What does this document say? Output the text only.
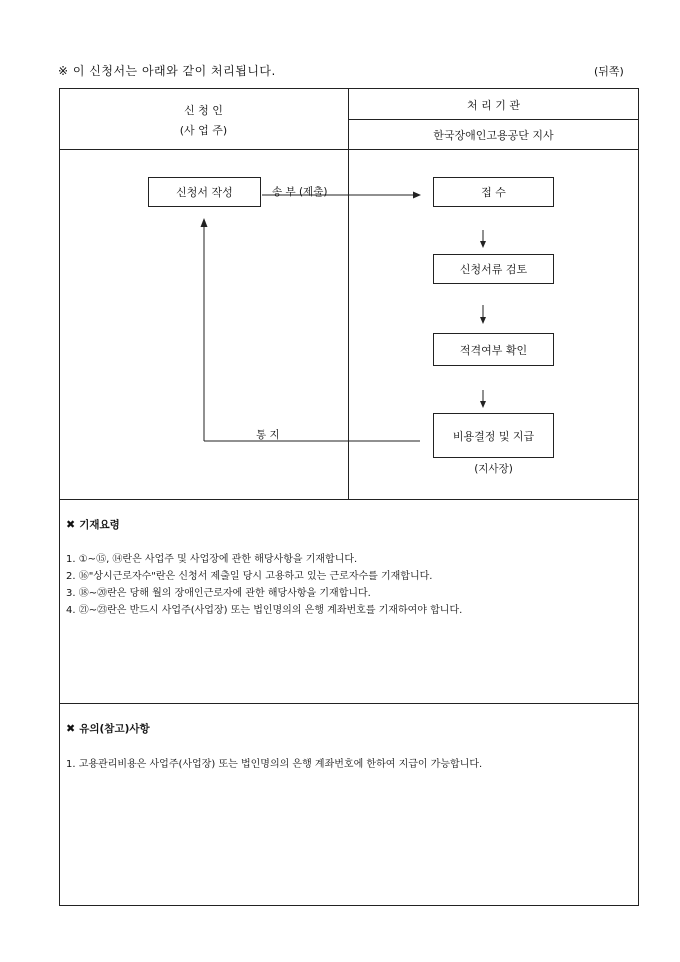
※ 이 신청서는 아래와 같이 처리됩니다.	(뒤쪽)
신 청 인
(사 업 주)
처 리 기 관
한국장애인고용공단 지사
신청서 작성	송 부 (제출)	접 수
신청서류 검토
적격여부 확인
비용결정 및 지급
(지사장)
통 지
✖ 기재요령
1. ①~⑮, ⑭란은 사업주 및 사업장에 관한 해당사항을 기재합니다.
2. ⑯"상시근로자수"란은 신청서 제출일 당시 고용하고 있는 근로자수를 기재합니다.
3. ⑱~⑳란은 당해 월의 장애인근로자에 관한 해당사항을 기재합니다.
4. ㉑~㉓란은 반드시 사업주(사업장) 또는 법인명의의 은행 계좌번호를 기재하여야 합니다.
✖ 유의(참고)사항
1. 고용관리비용은 사업주(사업장) 또는 법인명의의 은행 계좌번호에 한하여 지급이 가능합니다.
